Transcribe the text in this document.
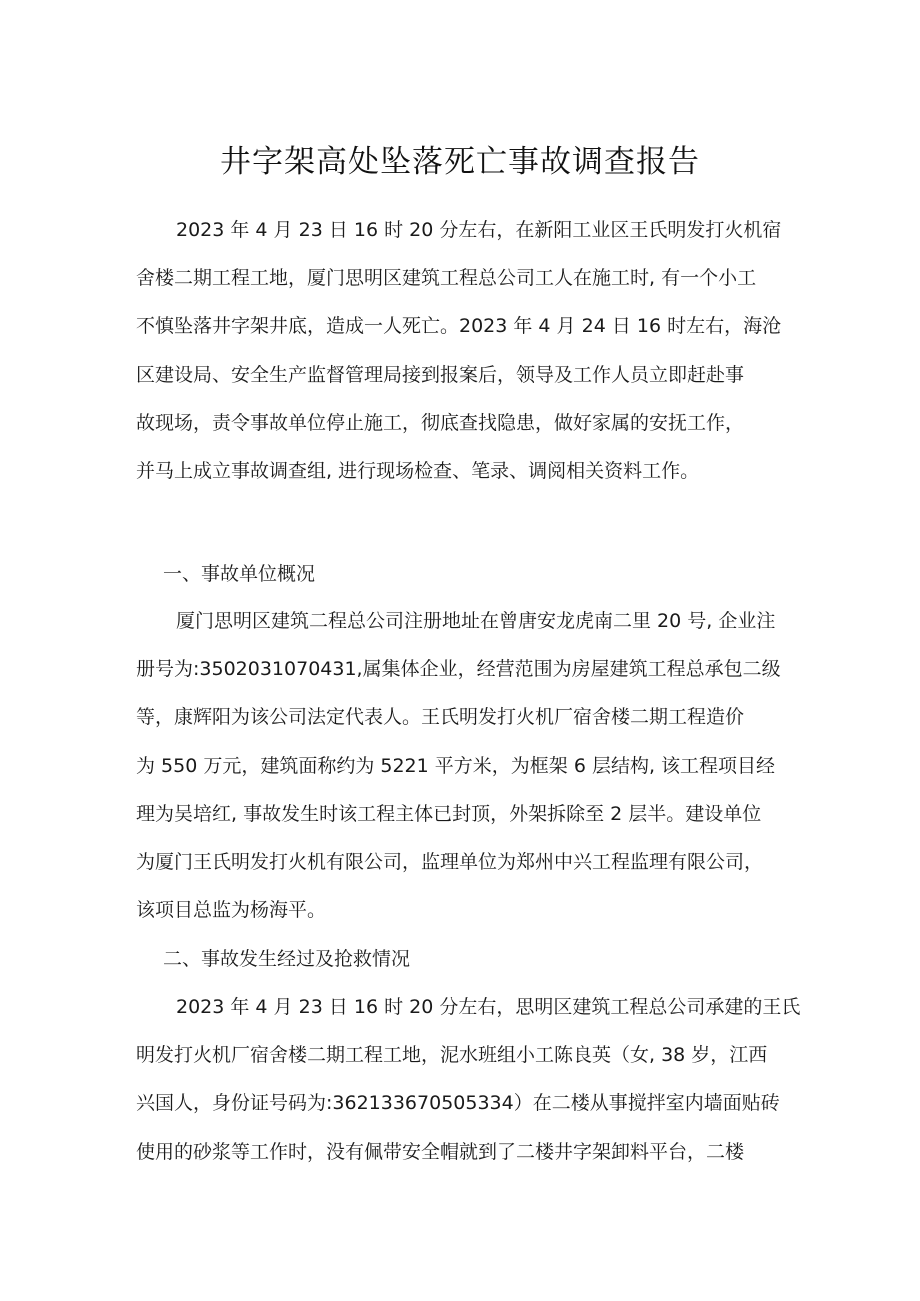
井字架高处坠落死亡事故调查报告
2023 年 4 月 23 日 16 时 20 分左右，在新阳工业区王氏明发打火机宿
舍楼二期工程工地，厦门思明区建筑工程总公司工人在施工时, 有一个小工
不慎坠落井字架井底，造成一人死亡。2023 年 4 月 24 日 16 时左右，海沧
区建设局、安全生产监督管理局接到报案后，领导及工作人员立即赶赴事
故现场，责令事故单位停止施工，彻底查找隐患，做好家属的安抚工作，
并马上成立事故调查组, 进行现场检查、笔录、调阅相关资料工作。
一、事故单位概况
厦门思明区建筑二程总公司注册地址在曾唐安龙虎南二里 20 号, 企业注
册号为:3502031070431,属集体企业，经营范围为房屋建筑工程总承包二级
等，康辉阳为该公司法定代表人。王氏明发打火机厂宿舍楼二期工程造价
为 550 万元，建筑面称约为 5221 平方米，为框架 6 层结构, 该工程项目经
理为吴培红, 事故发生时该工程主体已封顶，外架拆除至 2 层半。建设单位
为厦门王氏明发打火机有限公司，监理单位为郑州中兴工程监理有限公司，
该项目总监为杨海平。
二、事故发生经过及抢救情况
2023 年 4 月 23 日 16 时 20 分左右，思明区建筑工程总公司承建的王氏
明发打火机厂宿舍楼二期工程工地，泥水班组小工陈良英（女, 38 岁，江西
兴国人，身份证号码为:362133670505334）在二楼从事搅拌室内墙面贴砖
使用的砂浆等工作时，没有佩带安全帽就到了二楼井字架卸料平台，二楼
